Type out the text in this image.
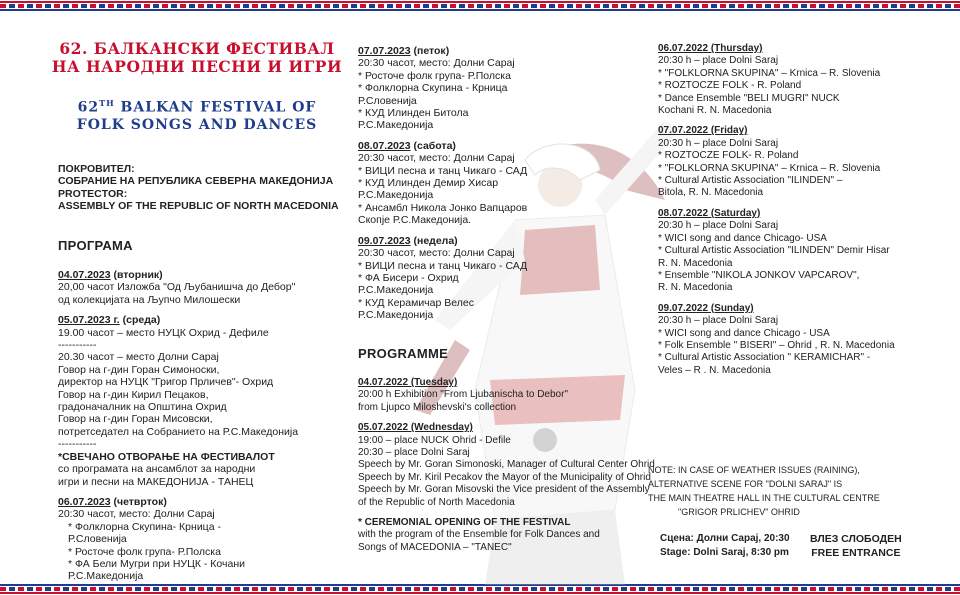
62. БАЛКАНСКИ ФЕСТИВАЛ
НА НАРОДНИ ПЕСНИ И ИГРИ
62TH BALKAN FESTIVAL OF
FOLK SONGS AND DANCES
ПОКРОВИТЕЛ:
СОБРАНИЕ НА РЕПУБЛИКА СЕВЕРНА МАКЕДОНИЈА
PROTECTOR:
ASSEMBLY OF THE REPUBLIC OF NORTH MACEDONIA
ПРОГРАМА
04.07.2023 (вторник)
20,00 часот Изложба "Од Љубанишча до Дебор"
од колекцијата на Љупчо Милошески
05.07.2023 г. (среда)
19.00 часот – место НУЦК Охрид - Дефиле
-----------
20.30 часот – место Долни Сарај
Говор на г-дин Горан Симоноски,
директор на НУЦК "Григор Прличев"- Охрид
Говор на г-дин Кирил Пецаков,
градоначалник на Општина Охрид
Говор на г-дин Горан Мисовски,
потретседател на Собранието на Р.С.Македонија
-----------
*СВЕЧАНО ОТВОРАЊЕ НА ФЕСТИВАЛОТ
со програмата на ансамблот за народни
игри и песни на МАКЕДОНИЈА - ТАНЕЦ
06.07.2023 (четврток)
20:30 часот, место: Долни Сарај
* Фолклорна Скупина- Крница -
Р.Словенија
* Росточе фолк група- Р.Полска
* ФА Бели Мугри при НУЦК - Кочани
Р.С.Македонија
07.07.2023 (петок)
20:30 часот, место: Долни Сарај
* Росточе фолк група- Р.Полска
* Фолклорна Скупина - Крница
Р.Словенија
* КУД Илинден Битола
Р.С.Македонија
08.07.2023 (сабота)
20:30 часот, место: Долни Сарај
* ВИЦИ песна и танц Чикаго - САД
* КУД Илинден Демир Хисар
Р.С.Македонија
* Ансамбл Никола Јонко Вапцаров
Скопје Р.С.Македонија.
09.07.2023 (недела)
20:30 часот, место: Долни Сарај
* ВИЦИ песна и танц Чикаго - САД
* ФА Бисери - Охрид
Р.С.Македонија
* КУД Керамичар Велес
Р.С.Македонија
PROGRAMME
04.07.2022 (Tuesday)
20:00 h Exhibition "From Ljubanischa to Debor"
from Ljupco Miloshevski's collection
05.07.2022 (Wednesday)
19:00 – place NUCK Ohrid - Defile
20:30 – place Dolni Saraj
Speech by Mr. Goran Simonoski, Manager of Cultural Center Ohrid
Speech by Mr. Kiril Pecakov the Mayor of the Municipality of Ohrid
Speech by Mr. Goran Misovski the Vice president of the Assembly
of the Republic of North Macedonia
* CEREMONIAL OPENING OF THE FESTIVAL
with the program of the Ensemble for Folk Dances and
Songs of MACEDONIA – "TANEC"
06.07.2022 (Thursday)
20:30 h – place Dolni Saraj
* "FOLKLORNA SKUPINA" – Krnica – R. Slovenia
* ROZTOCZE FOLK - R. Poland
* Dance Ensemble "BELI MUGRI" NUCK
Kochani R. N. Macedonia
07.07.2022 (Friday)
20:30 h – place Dolni Saraj
* ROZTOCZE FOLK- R. Poland
* "FOLKLORNA SKUPINA" – Krnica – R. Slovenia
* Cultural Artistic Association "ILINDEN" –
Bitola, R. N. Macedonia
08.07.2022 (Saturday)
20:30 h – place Dolni Saraj
* WICI song and dance Chicago- USA
* Cultural Artistic Association "ILINDEN" Demir Hisar
R. N. Macedonia
* Ensemble "NIKOLA JONKOV VAPCAROV",
R. N. Macedonia
09.07.2022 (Sunday)
20:30 h – place Dolni Saraj
* WICI song and dance Chicago - USA
* Folk Ensemble " BISERI" – Ohrid , R. N. Macedonia
* Cultural Artistic Association " KERAMICHAR" -
Veles – R . N. Macedonia
NOTE: IN CASE OF WEATHER ISSUES (RAINING),
ALTERNATIVE SCENE FOR "DOLNI SARAJ" IS
THE MAIN THEATRE HALL IN THE CULTURAL CENTRE
"GRIGOR PRLICHEV" OHRID
Сцена: Долни Сарај, 20:30
Stage: Dolni Saraj, 8:30 pm
ВЛЕЗ СЛОБОДЕН
FREE ENTRANCE
